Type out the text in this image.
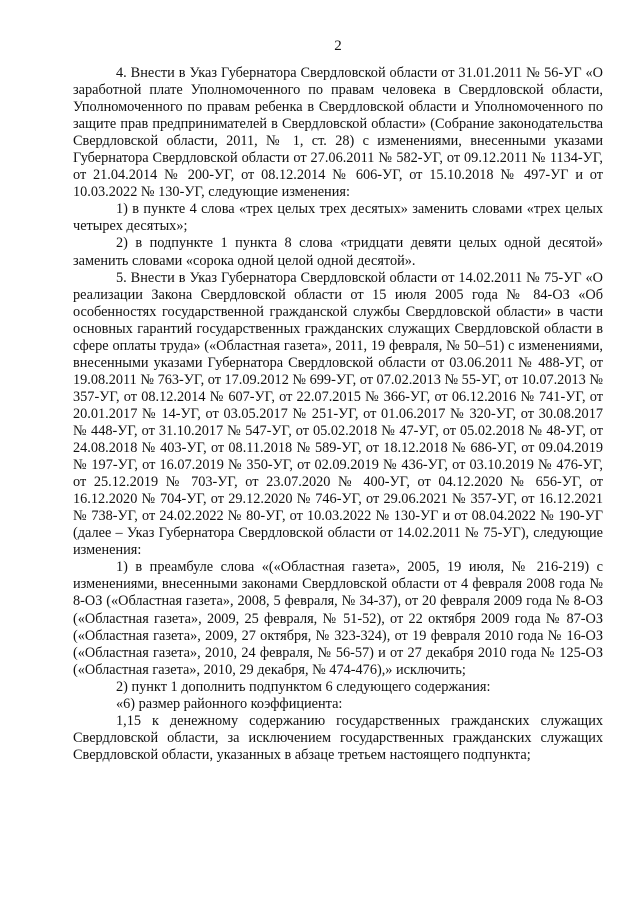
2

4. Внести в Указ Губернатора Свердловской области от 31.01.2011 № 56-УГ «О заработной плате Уполномоченного по правам человека в Свердловской области, Уполномоченного по правам ребенка в Свердловской области и Уполномоченного по защите прав предпринимателей в Свердловской области» (Собрание законодательства Свердловской области, 2011, № 1, ст. 28) с изменениями, внесенными указами Губернатора Свердловской области от 27.06.2011 № 582-УГ, от 09.12.2011 № 1134-УГ, от 21.04.2014 № 200-УГ, от 08.12.2014 № 606-УГ, от 15.10.2018 № 497-УГ и от 10.03.2022 № 130-УГ, следующие изменения:

1) в пункте 4 слова «трех целых трех десятых» заменить словами «трех целых четырех десятых»;

2) в подпункте 1 пункта 8 слова «тридцати девяти целых одной десятой» заменить словами «сорока одной целой одной десятой».

5. Внести в Указ Губернатора Свердловской области от 14.02.2011 № 75-УГ «О реализации Закона Свердловской области от 15 июля 2005 года № 84-ОЗ «Об особенностях государственной гражданской службы Свердловской области» в части основных гарантий государственных гражданских служащих Свердловской области в сфере оплаты труда» («Областная газета», 2011, 19 февраля, № 50–51) с изменениями, внесенными указами Губернатора Свердловской области от 03.06.2011 № 488-УГ, от 19.08.2011 № 763-УГ, от 17.09.2012 № 699-УГ, от 07.02.2013 № 55-УГ, от 10.07.2013 № 357-УГ, от 08.12.2014 № 607-УГ, от 22.07.2015 № 366-УГ, от 06.12.2016 № 741-УГ, от 20.01.2017 № 14-УГ, от 03.05.2017 № 251-УГ, от 01.06.2017 № 320-УГ, от 30.08.2017 № 448-УГ, от 31.10.2017 № 547-УГ, от 05.02.2018 № 47-УГ, от 05.02.2018 № 48-УГ, от 24.08.2018 № 403-УГ, от 08.11.2018 № 589-УГ, от 18.12.2018 № 686-УГ, от 09.04.2019 № 197-УГ, от 16.07.2019 № 350-УГ, от 02.09.2019 № 436-УГ, от 03.10.2019 № 476-УГ, от 25.12.2019 № 703-УГ, от 23.07.2020 № 400-УГ, от 04.12.2020 № 656-УГ, от 16.12.2020 № 704-УГ, от 29.12.2020 № 746-УГ, от 29.06.2021 № 357-УГ, от 16.12.2021 № 738-УГ, от 24.02.2022 № 80-УГ, от 10.03.2022 № 130-УГ и от 08.04.2022 № 190-УГ (далее – Указ Губернатора Свердловской области от 14.02.2011 № 75-УГ), следующие изменения:

1) в преамбуле слова «(«Областная газета», 2005, 19 июля, № 216-219) с изменениями, внесенными законами Свердловской области от 4 февраля 2008 года № 8-ОЗ («Областная газета», 2008, 5 февраля, № 34-37), от 20 февраля 2009 года № 8-ОЗ («Областная газета», 2009, 25 февраля, № 51-52), от 22 октября 2009 года № 87-ОЗ («Областная газета», 2009, 27 октября, № 323-324), от 19 февраля 2010 года № 16-ОЗ («Областная газета», 2010, 24 февраля, № 56-57) и от 27 декабря 2010 года № 125-ОЗ («Областная газета», 2010, 29 декабря, № 474-476),» исключить;

2) пункт 1 дополнить подпунктом 6 следующего содержания:

«6) размер районного коэффициента:

1,15 к денежному содержанию государственных гражданских служащих Свердловской области, за исключением государственных гражданских служащих Свердловской области, указанных в абзаце третьем настоящего подпункта;
